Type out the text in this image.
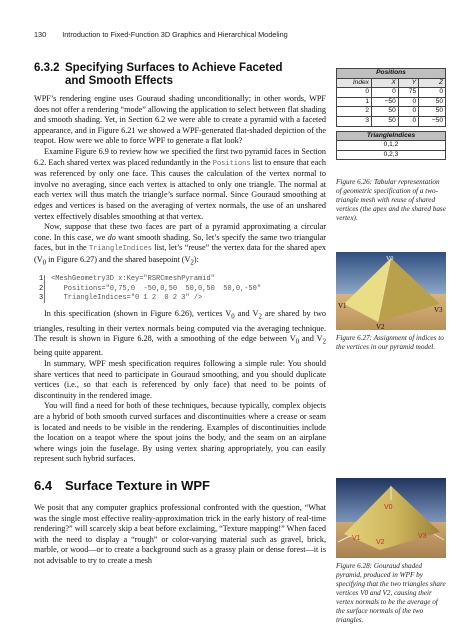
130 Introduction to Fixed-Function 3D Graphics and Hierarchical Modeling
6.3.2 Specifying Surfaces to Achieve Faceted
and Smooth Effects

WPF’s rendering engine uses Gouraud shading unconditionally; in other words, WPF does not offer a rendering “mode” allowing the application to select between flat shading and smooth shading. Yet, in Section 6.2 we were able to create a pyramid with a faceted appearance, and in Figure 6.21 we showed a WPF-generated flat-shaded depiction of the teapot. How were we able to force WPF to generate a flat look?

Examine Figure 6.9 to review how we specified the first two pyramid faces in Section 6.2. Each shared vertex was placed redundantly in the Positions list to ensure that each was referenced by only one face. This causes the calculation of the vertex normal to involve no averaging, since each vertex is attached to only one triangle. The normal at each vertex will thus match the triangle’s surface normal. Since Gouraud smoothing at edges and vertices is based on the averaging of vertex normals, the use of an unshared vertex effectively disables smoothing at that vertex.

Now, suppose that these two faces are part of a pyramid approximating a circular cone. In this case, we do want smooth shading. So, let’s specify the same two triangular faces, but in the TriangleIndices list, let’s “reuse” the vertex data for the shared apex ($V_0$ in Figure 6.27) and the shared basepoint $(V_2)$:

1 <MeshGeometry3D x:Key="RSRCmeshPyramid"
2 Positions="0,75,0  -50,0,50  50,0,50  50,0,-50"
3 TriangleIndices="0 1 2  0 2 3" />

In this specification (shown in Figure 6.26), vertices $V_0$ and $V_2$ are shared by two triangles, resulting in their vertex normals being computed via the averaging technique. The result is shown in Figure 6.28, with a smoothing of the edge between $V_0$ and $V_2$ being quite apparent.

In summary, WPF mesh specification requires following a simple rule: You should share vertices that need to participate in Gouraud smoothing, and you should duplicate vertices (i.e., so that each is referenced by only face) that need to be points of discontinuity in the rendered image.

You will find a need for both of these techniques, because typically, complex objects are a hybrid of both smooth curved surfaces and discontinuities where a crease or seam is located and needs to be visible in the rendering. Examples of discontinuities include the location on a teapot where the spout joins the body, and the seam on an airplane where wings join the fuselage. By using vertex sharing appropriately, you can easily represent such hybrid surfaces.

6.4 Surface Texture in WPF

We posit that any computer graphics professional confronted with the question, “What was the single most effective reality-approximation trick in the early history of real-time rendering?” will scarcely skip a beat before exclaiming, “Texture mapping!” When faced with the need to display a “rough” or color-varying material such as gravel, brick, marble, or wood—or to create a background such as a grassy plain or dense forest—it is not advisable to try to create a mesh

Positions			
Index	X	Y	Z
0	0	75	0
1	−50	0	50
2	50	0	50
3	50	0	−50

TriangleIndices			
0,1,2			
0,2,3			
Figure 6.26: Tabular representation of geometric specification of a two-triangle mesh with reuse of shared vertices (the apex and the shared base vertex).
V0
V1
V2
V3
Figure 6.27: Assignment of indices to the vertices in our pyramid model.
V0
V1
V2
V3
Figure 6.28: Gouraud shaded pyramid, produced in WPF by specifying that the two triangles share vertices V0 and V2, causing their vertex normals to be the average of the surface normals of the two triangles.
